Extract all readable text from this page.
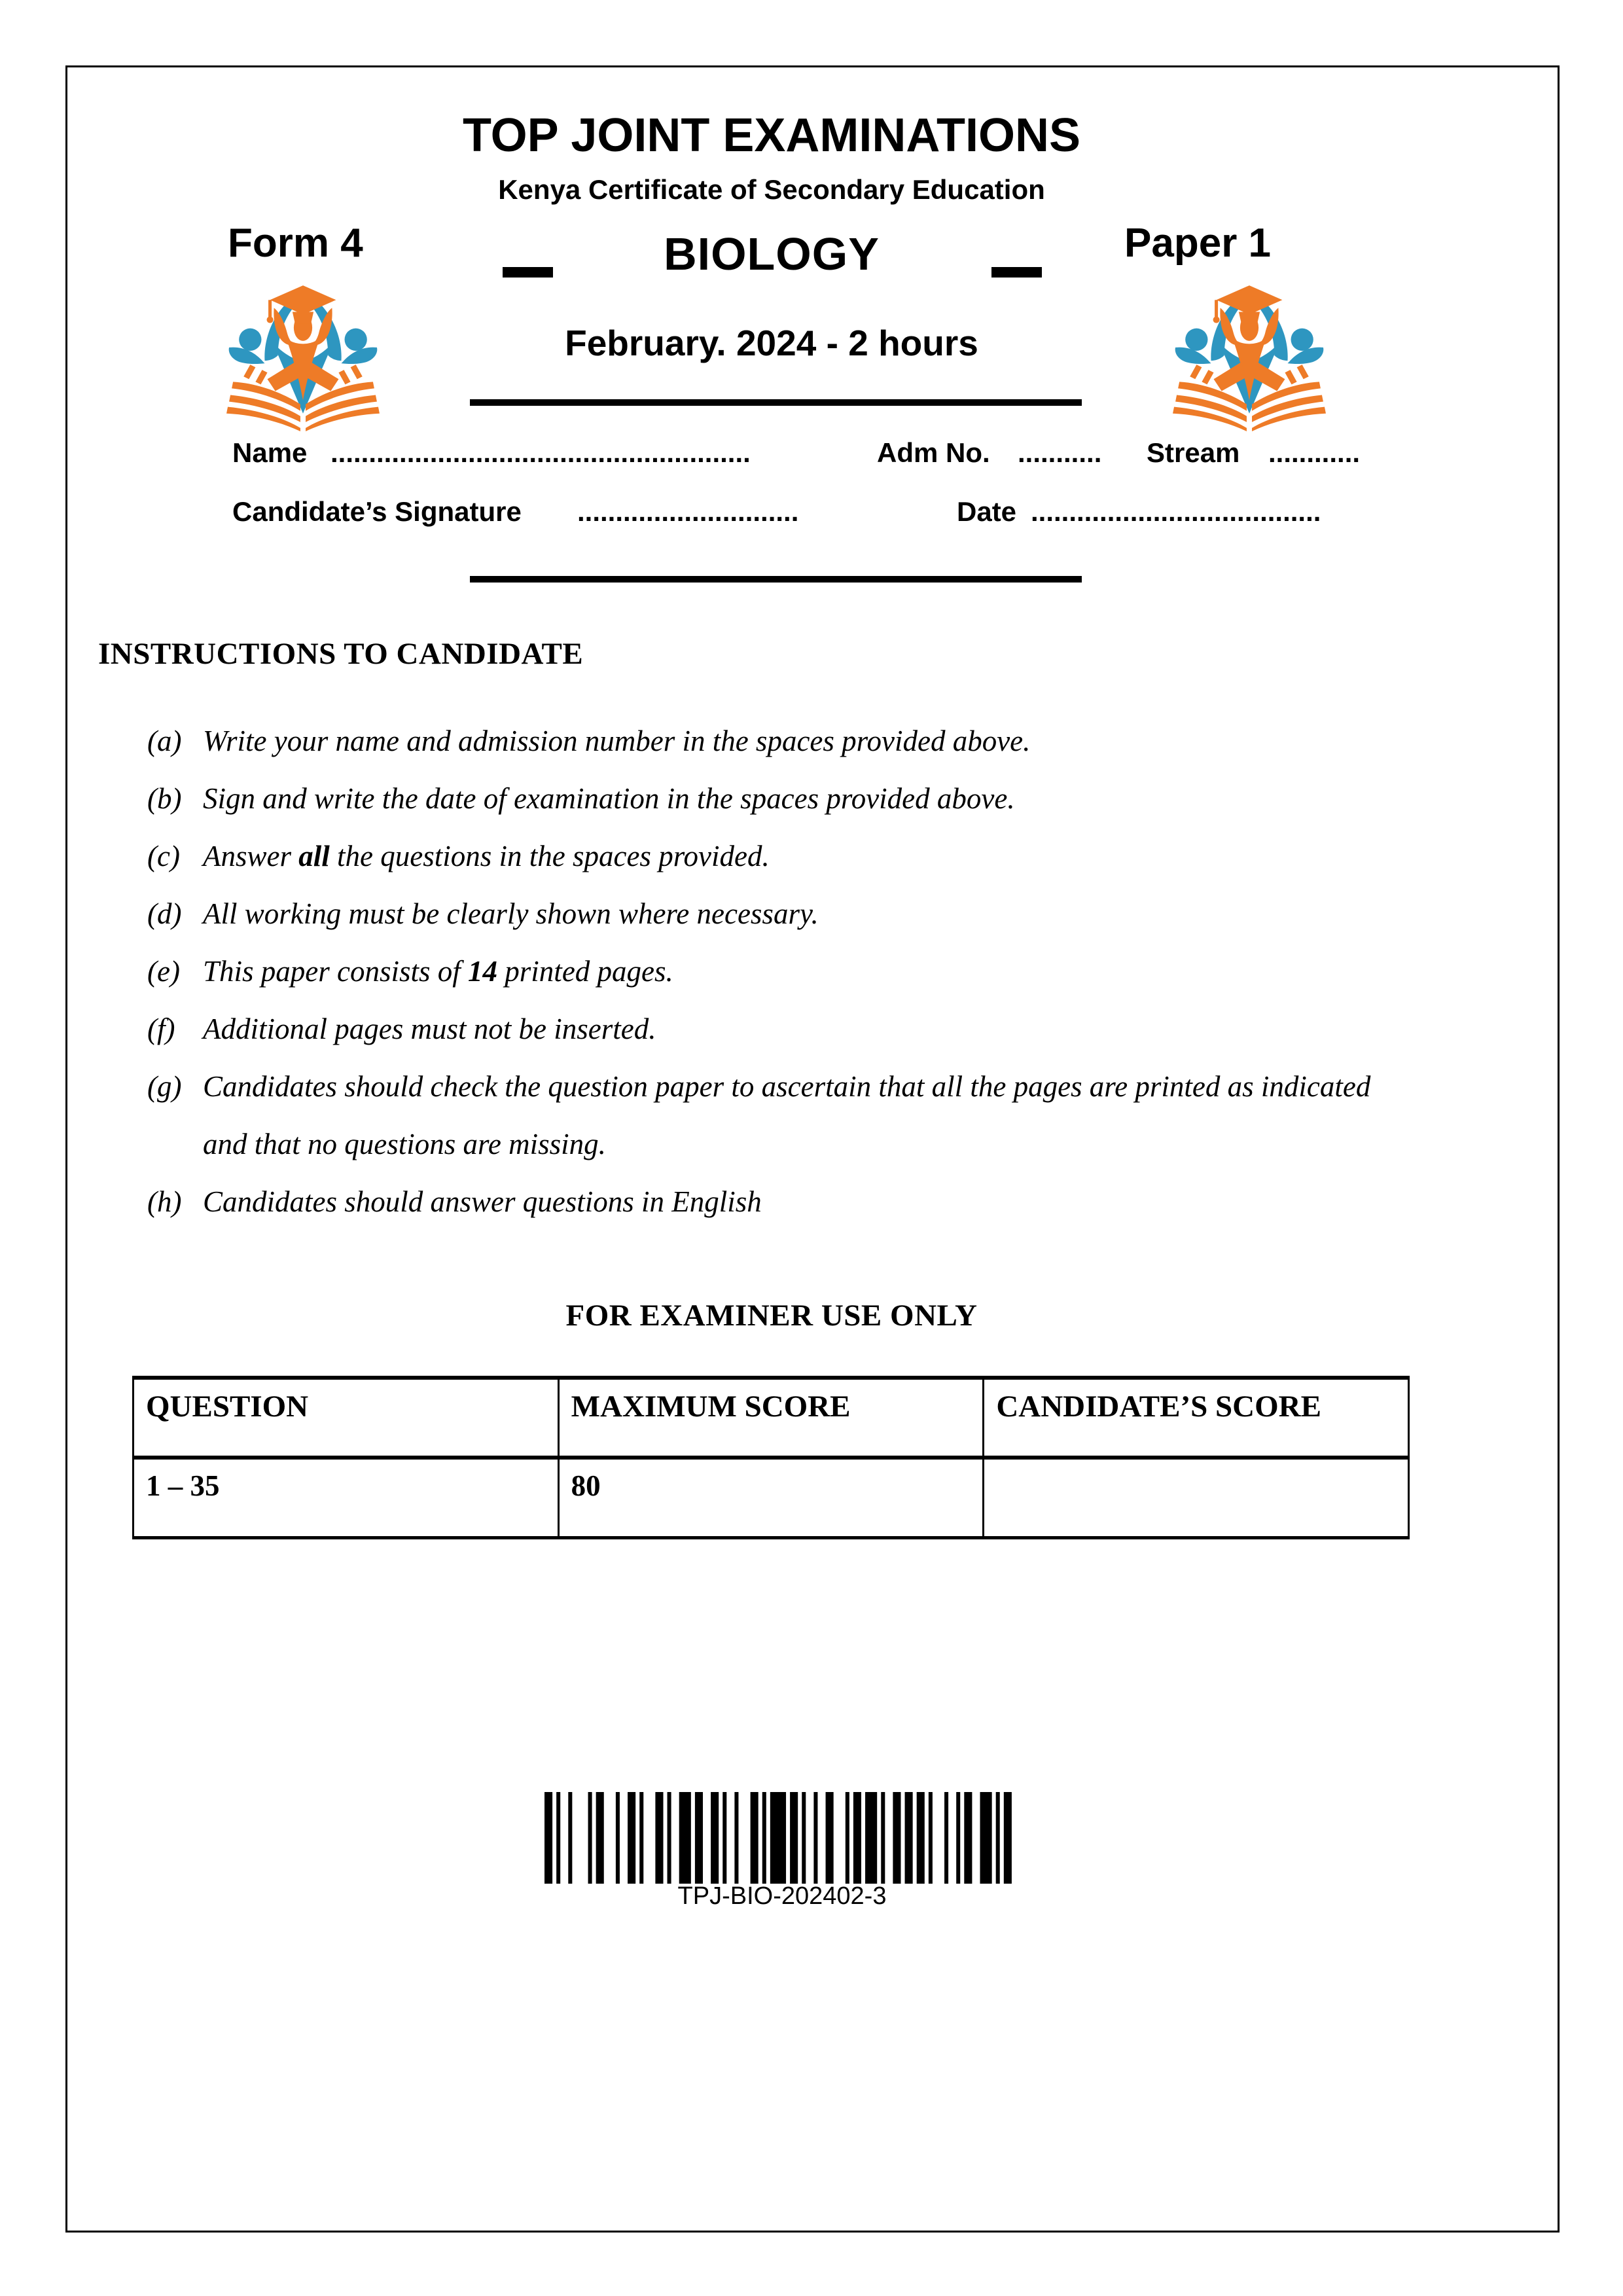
TOP JOINT EXAMINATIONS
Kenya Certificate of Secondary Education
Form 4	BIOLOGY	Paper 1
February. 2024 - 2 hours
Name .......................................................	Adm No. ........... Stream ............
Candidate’s Signature .............................	Date ......................................
INSTRUCTIONS TO CANDIDATE

(a) Write your name and admission number in the spaces provided above.

(b) Sign and write the date of examination in the spaces provided above.

(c) Answer all the questions in the spaces provided.

(d) All working must be clearly shown where necessary.

(e) This paper consists of 14 printed pages.

(f) Additional pages must not be inserted.

(g) Candidates should check the question paper to ascertain that all the pages are printed as indicated and that no questions are missing.

(h) Candidates should answer questions in English

FOR EXAMINER USE ONLY
QUESTION	MAXIMUM SCORE	CANDIDATE’S SCORE
1 – 35	80	
TPJ-BIO-202402-3
